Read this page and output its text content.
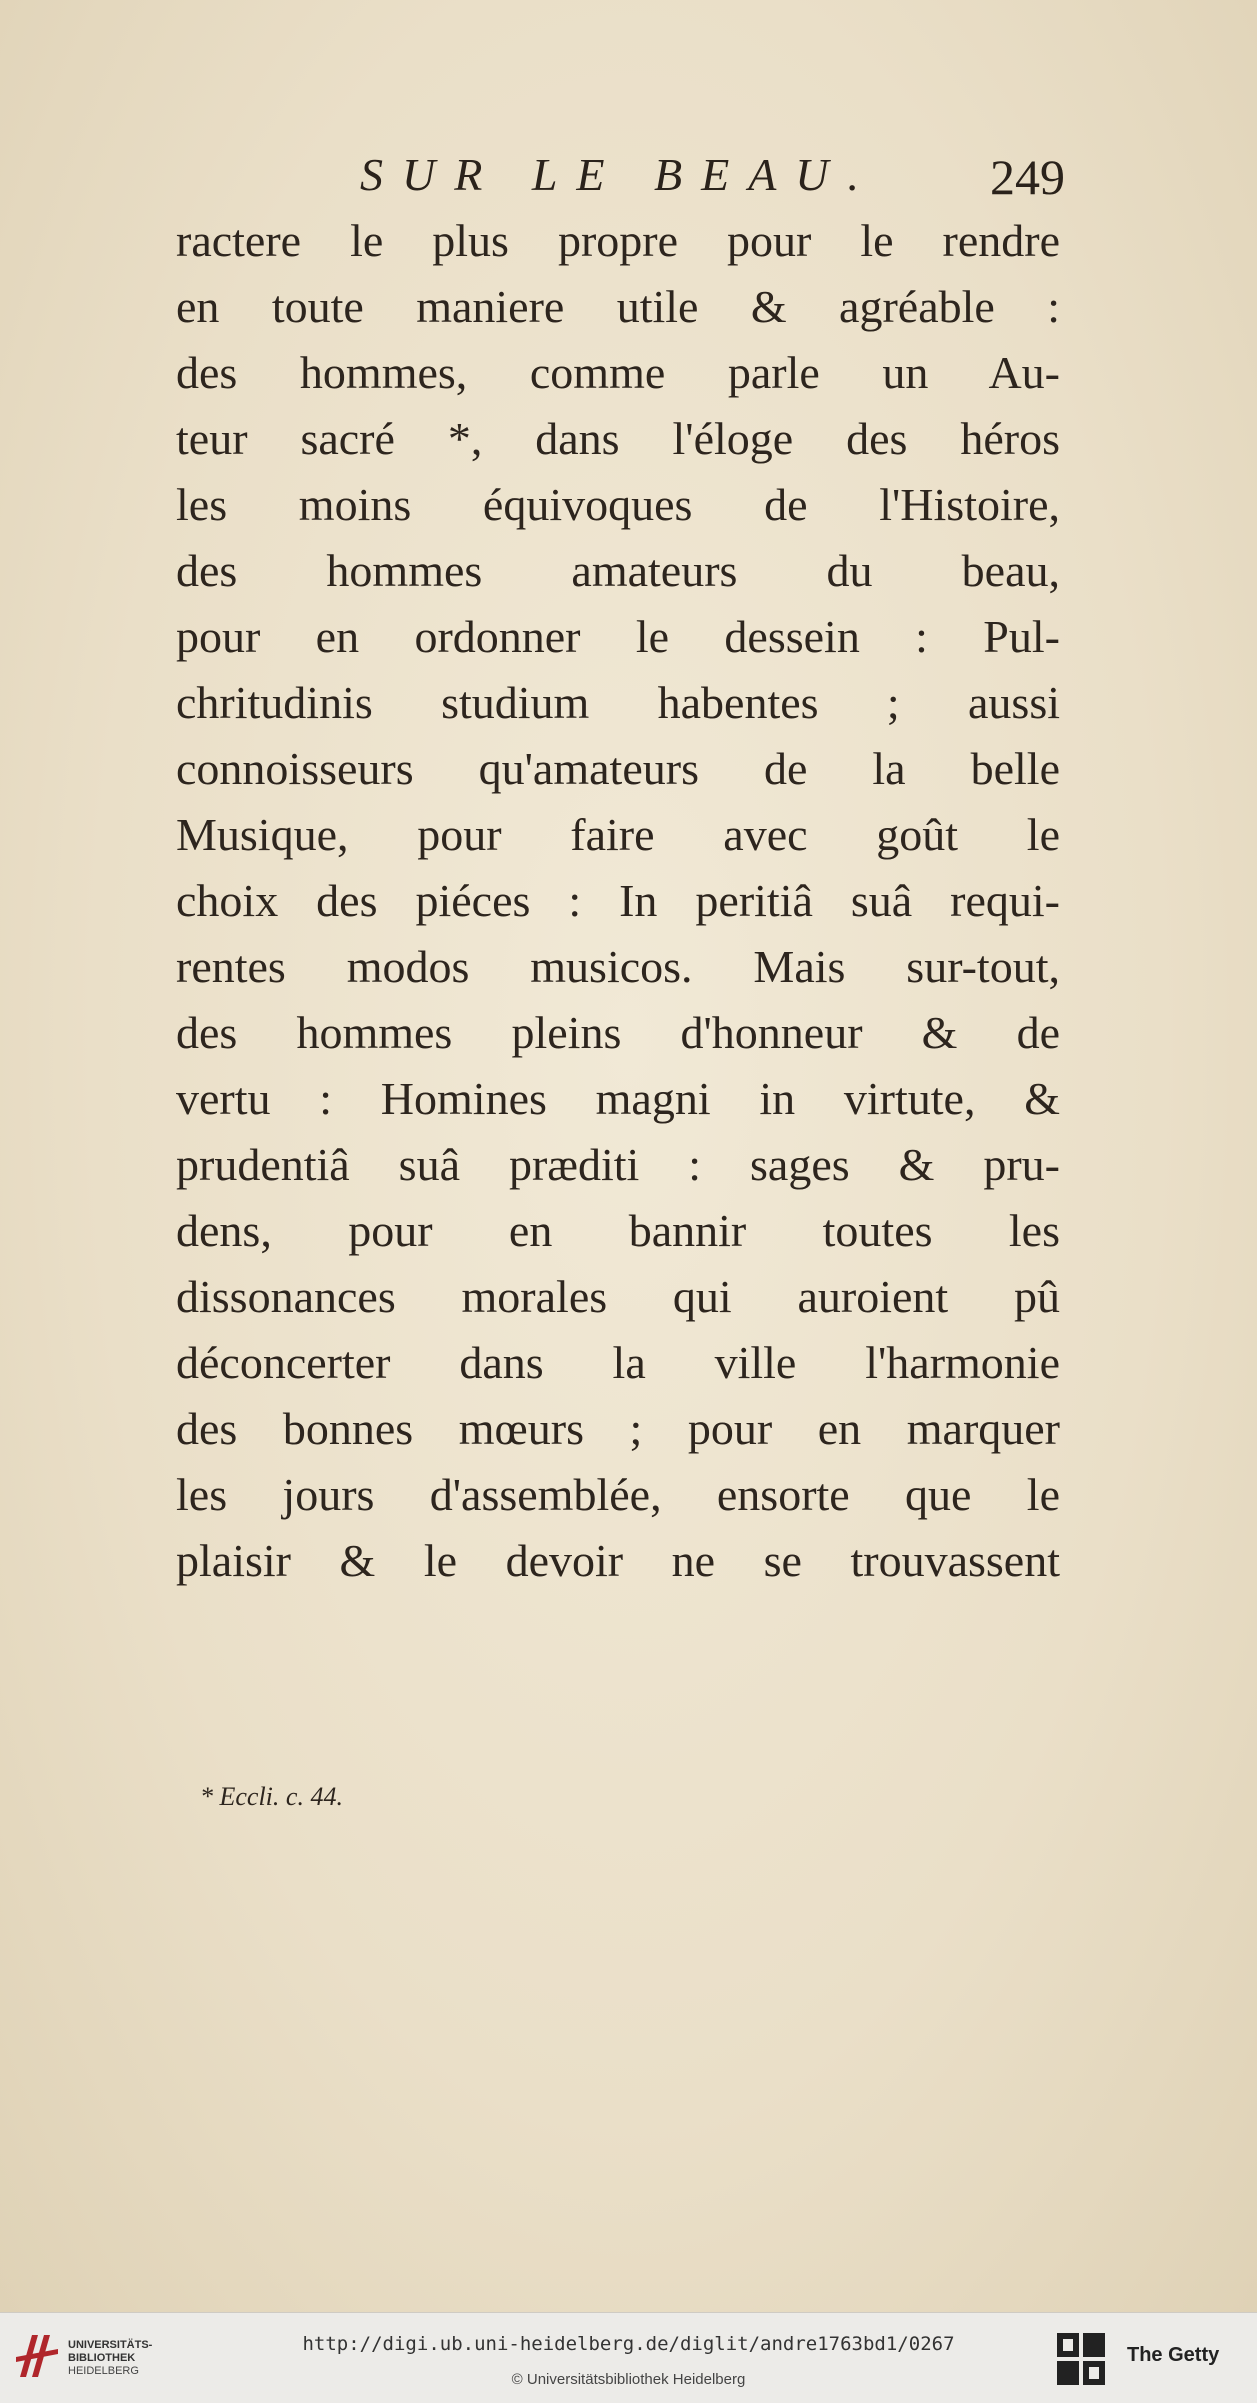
SUR LE BEAU. 249
ractere le plus propre pour le rendre
en toute maniere utile & agréable :
des hommes, comme parle un Au-
teur sacré *, dans l'éloge des héros
les moins équivoques de l'Histoire,
des hommes amateurs du beau,
pour en ordonner le dessein : Pul-
chritudinis studium habentes ; aussi
connoisseurs qu'amateurs de la belle
Musique, pour faire avec goût le
choix des piéces : In peritiâ suâ requi-
rentes modos musicos. Mais sur-tout,
des hommes pleins d'honneur & de
vertu : Homines magni in virtute, &
prudentiâ suâ præditi : sages & pru-
dens, pour en bannir toutes les
dissonances morales qui auroient pû
déconcerter dans la ville l'harmonie
des bonnes mœurs ; pour en marquer
les jours d'assemblée, ensorte que le
plaisir & le devoir ne se trouvassent
* Eccli. c. 44.
UNIVERSITÄTS-
BIBLIOTHEK
HEIDELBERG
http://digi.ub.uni-heidelberg.de/diglit/andre1763bd1/0267
© Universitätsbibliothek Heidelberg
The Getty
